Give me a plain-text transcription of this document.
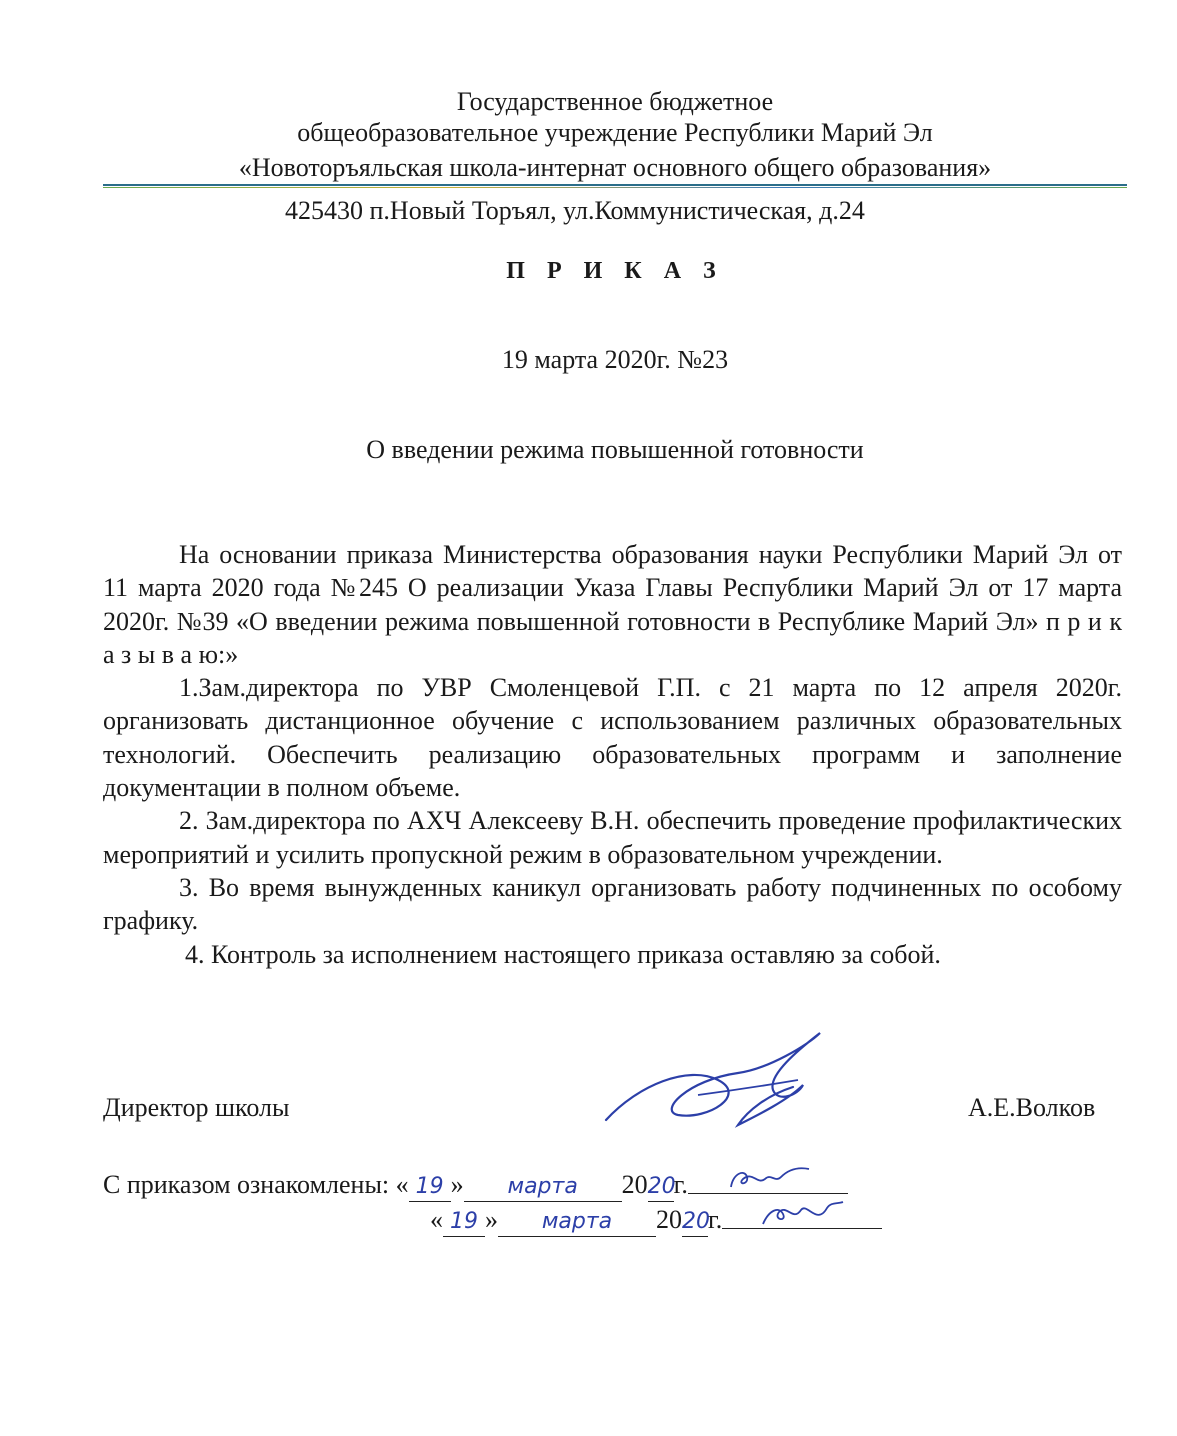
Государственное бюджетное
общеобразовательное учреждение Республики Марий Эл
«Новоторъяльская школа-интернат основного общего образования»
425430 п.Новый Торъял, ул.Коммунистическая, д.24
П Р И К А З
19 марта 2020г. №23
О введении режима повышенной готовности

На основании приказа Министерства образования науки Республики Марий Эл от 11 марта 2020 года №245 О реализации Указа Главы Республики Марий Эл от 17 марта 2020г. №39 «О введении режима повышенной готовности в Республике Марий Эл» п р и к а з ы в а ю:»

1.Зам.директора по УВР Смоленцевой Г.П. с 21 марта по 12 апреля 2020г. организовать дистанционное обучение с использованием различных образовательных технологий. Обеспечить реализацию образовательных программ и заполнение документации в полном объеме.

2. Зам.директора по АХЧ Алексееву В.Н. обеспечить проведение профилактических мероприятий и усилить пропускной режим в образовательном учреждении.

3. Во время вынужденных каникул организовать работу подчиненных по особому графику.

4. Контроль за исполнением настоящего приказа оставляю за собой.

Директор школы	А.Е.Волков
С приказом ознакомлены: « 19 » марта 2020г.
« 19 » марта 2020г.
